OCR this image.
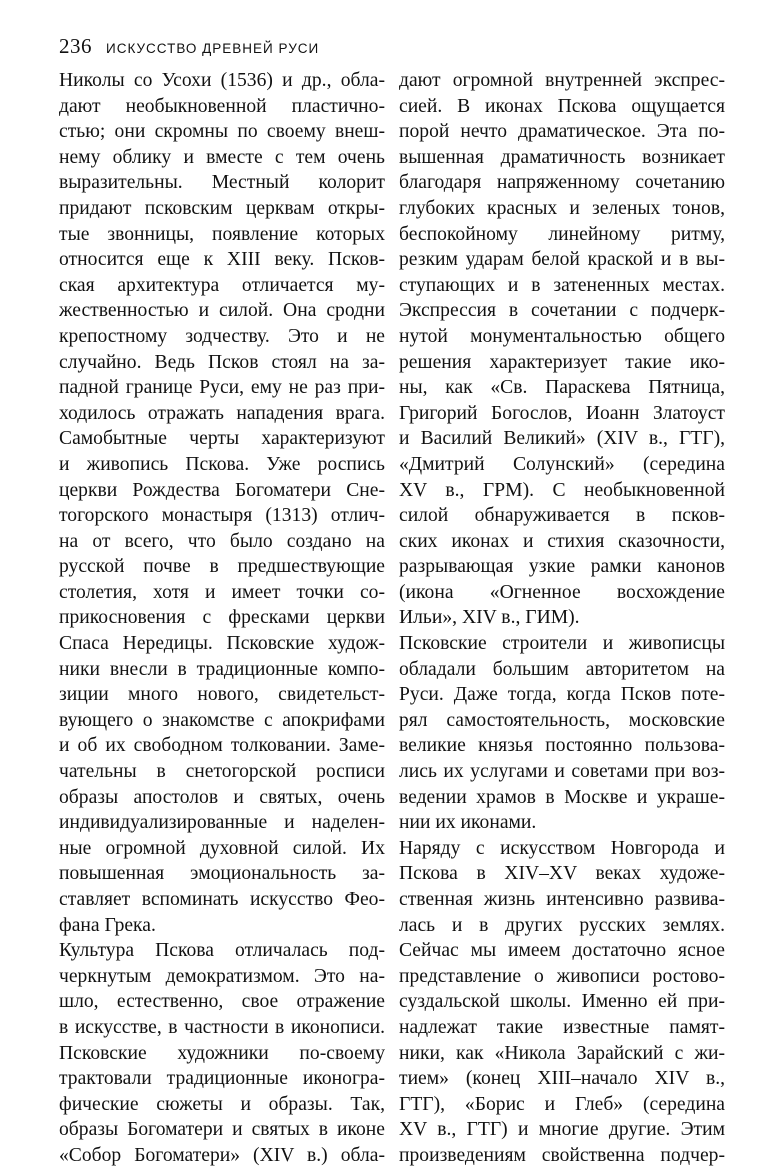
236 ИСКУССТВО ДРЕВНЕЙ РУСИ
Николы со Усохи (1536) и др., обла-
дают необыкновенной пластично-
стью; они скромны по своему внеш-
нему облику и вместе с тем очень
выразительны. Местный колорит
придают псковским церквам откры-
тые звонницы, появление которых
относится еще к XIII веку. Псков-
ская архитектура отличается му-
жественностью и силой. Она сродни
крепостному зодчеству. Это и не
случайно. Ведь Псков стоял на за-
падной границе Руси, ему не раз при-
ходилось отражать нападения врага.
Самобытные черты характеризуют
и живопись Пскова. Уже роспись
церкви Рождества Богоматери Сне-
тогорского монастыря (1313) отлич-
на от всего, что было создано на
русской почве в предшествующие
столетия, хотя и имеет точки со-
прикосновения с фресками церкви
Спаса Нередицы. Псковские худож-
ники внесли в традиционные компо-
зиции много нового, свидетельст-
вующего о знакомстве с апокрифами
и об их свободном толковании. Заме-
чательны в снетогорской росписи
образы апостолов и святых, очень
индивидуализированные и наделен-
ные огромной духовной силой. Их
повышенная эмоциональность за-
ставляет вспоминать искусство Фео-
фана Грека.
Культура Пскова отличалась под-
черкнутым демократизмом. Это на-
шло, естественно, свое отражение
в искусстве, в частности в иконописи.
Псковские художники по-своему
трактовали традиционные иконогра-
фические сюжеты и образы. Так,
образы Богоматери и святых в иконе
«Собор Богоматери» (XIV в.) обла-
дают огромной внутренней экспрес-
сией. В иконах Пскова ощущается
порой нечто драматическое. Эта по-
вышенная драматичность возникает
благодаря напряженному сочетанию
глубоких красных и зеленых тонов,
беспокойному линейному ритму,
резким ударам белой краской и в вы-
ступающих и в затененных местах.
Экспрессия в сочетании с подчерк-
нутой монументальностью общего
решения характеризует такие ико-
ны, как «Св. Параскева Пятница,
Григорий Богослов, Иоанн Златоуст
и Василий Великий» (XIV в., ГТГ),
«Дмитрий Солунский» (середина
XV в., ГРМ). С необыкновенной
силой обнаруживается в псков-
ских иконах и стихия сказочности,
разрывающая узкие рамки канонов
(икона «Огненное восхождение
Ильи», XIV в., ГИМ).
Псковские строители и живописцы
обладали большим авторитетом на
Руси. Даже тогда, когда Псков поте-
рял самостоятельность, московские
великие князья постоянно пользова-
лись их услугами и советами при воз-
ведении храмов в Москве и украше-
нии их иконами.
Наряду с искусством Новгорода и
Пскова в XIV–XV веках художе-
ственная жизнь интенсивно развива-
лась и в других русских землях.
Сейчас мы имеем достаточно ясное
представление о живописи ростово-
суздальской школы. Именно ей при-
надлежат такие известные памят-
ники, как «Никола Зарайский с жи-
тием» (конец XIII–начало XIV в.,
ГТГ), «Борис и Глеб» (середина
XV в., ГТГ) и многие другие. Этим
произведениям свойственна подчер-
